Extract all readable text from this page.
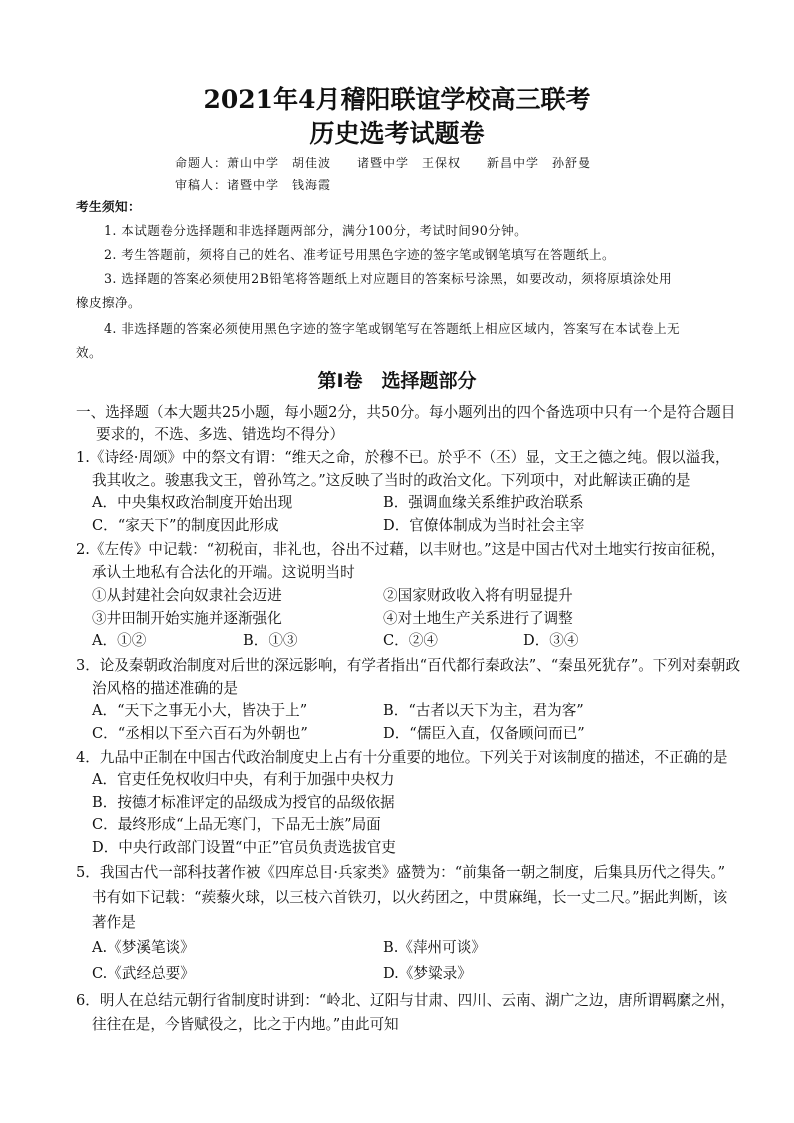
2021年4月稽阳联谊学校高三联考
历史选考试题卷
命题人：萧山中学　胡佳波　　诸暨中学　王保权　　新昌中学　孙舒曼
审稿人：诸暨中学　钱海霞
考生须知：
1. 本试题卷分选择题和非选择题两部分，满分100分，考试时间90分钟。
2. 考生答题前，须将自己的姓名、准考证号用黑色字迹的签字笔或钢笔填写在答题纸上。
3. 选择题的答案必须使用2B铅笔将答题纸上对应题目的答案标号涂黑，如要改动，须将原填涂处用
橡皮擦净。
4. 非选择题的答案必须使用黑色字迹的签字笔或钢笔写在答题纸上相应区域内，答案写在本试卷上无
效。
第Ⅰ卷　选择题部分
一、选择题（本大题共25小题，每小题2分，共50分。每小题列出的四个备选项中只有一个是符合题目
要求的，不选、多选、错选均不得分）
1.《诗经·周颂》中的祭文有谓：“维天之命，於穆不已。於乎不（丕）显，文王之德之纯。假以溢我，
我其收之。骏惠我文王，曾孙笃之。”这反映了当时的政治文化。下列项中，对此解读正确的是
A．中央集权政治制度开始出现	B．强调血缘关系维护政治联系
C．“家天下”的制度因此形成	D．官僚体制成为当时社会主宰
2.《左传》中记载：“初税亩，非礼也，谷出不过藉，以丰财也。”这是中国古代对土地实行按亩征税，
承认土地私有合法化的开端。这说明当时
①从封建社会向奴隶社会迈进	②国家财政收入将有明显提升
③井田制开始实施并逐渐强化	④对土地生产关系进行了调整
A．①②	B．①③	C．②④	D．③④
3．论及秦朝政治制度对后世的深远影响，有学者指出“百代都行秦政法”、“秦虽死犹存”。下列对秦朝政
治风格的描述准确的是
A．“天下之事无小大，皆决于上”	B．“古者以天下为主，君为客”
C．“丞相以下至六百石为外朝也”	D．“儒臣入直，仅备顾问而已”
4．九品中正制在中国古代政治制度史上占有十分重要的地位。下列关于对该制度的描述，不正确的是
A．官吏任免权收归中央，有利于加强中央权力
B．按德才标准评定的品级成为授官的品级依据
C．最终形成“上品无寒门，下品无士族”局面
D．中央行政部门设置“中正”官员负责选拔官吏
5．我国古代一部科技著作被《四库总目·兵家类》盛赞为：“前集备一朝之制度，后集具历代之得失。”
书有如下记载：“蒺藜火球，以三枝六首铁刃，以火药团之，中贯麻绳，长一丈二尺。”据此判断，该
著作是
A.《梦溪笔谈》	B.《萍州可谈》
C.《武经总要》	D.《梦粱录》
6．明人在总结元朝行省制度时讲到：“岭北、辽阳与甘肃、四川、云南、湖广之边，唐所谓羁縻之州，
往往在是，今皆赋役之，比之于内地。”由此可知
